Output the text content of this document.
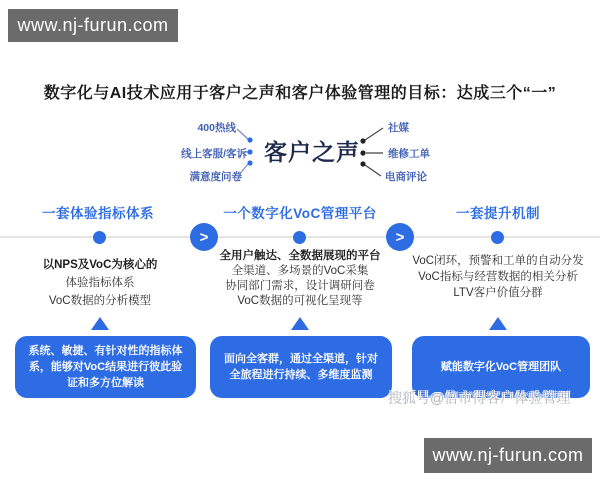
www.nj-furun.com
数字化与AI技术应用于客户之声和客户体验管理的目标：达成三个“一”
客户之声
400热线
线上客服/客诉
满意度问卷
社媒
维修工单
电商评论
一套体验指标体系	一个数字化VoC管理平台	一套提升机制
>	>
以NPS及VoC为核心的
体验指标体系
VoC数据的分析模型
全用户触达、全数据展现的平台
全渠道、多场景的VoC采集
协同部门需求，设计调研问卷
VoC数据的可视化呈现等
VoC闭环，预警和工单的自动分发
VoC指标与经营数据的相关分析
LTV客户价值分群
系统、敏捷、有针对性的指标体系，能够对VoC结果进行彼此验证和多方位解读
面向全客群，通过全渠道，针对全旅程进行持续、多维度监测
赋能数字化VoC管理团队
搜狐号@倍市得客户体验管理
www.nj-furun.com
